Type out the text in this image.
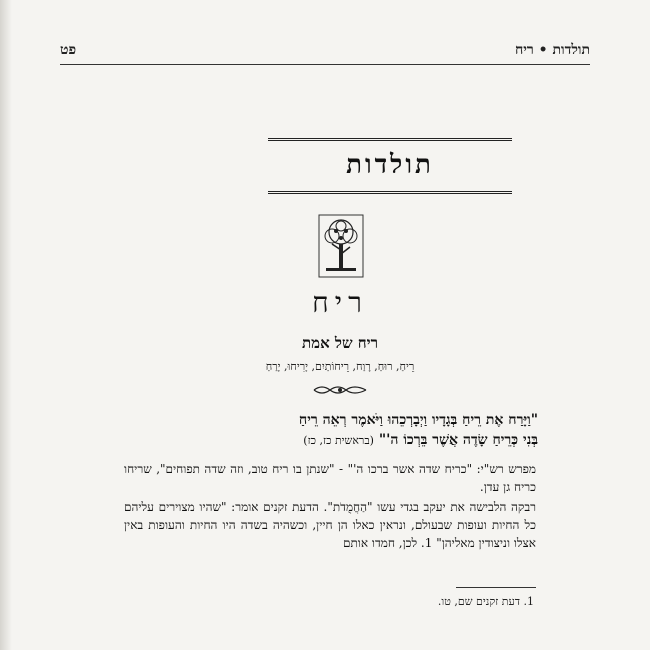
תולדות • ריח
פט
תולדות
ריח
ריח של אמת
רֵיחַ, רוּחַ, רָוַח, רֵיחוֹתַיִם, יָרִיחוּ, יָרַחַ
"וַיָּרַח אֶת רֵיחַ בְּגָדָיו וַיְבָרְכֵהוּ וַיֹּאמֶר רְאֵה רֵיחַ
בְּנִי כְּרֵיחַ שָׂדֶה אֲשֶׁר בֵּרְכוֹ ה'" (בראשית כז, כז)

מפרש רש"י: "כריח שדה אשר ברכו ה'" - "שנתן בו ריח טוב, וזה שדה תפוחים", שריחו כריח גן עדן.

רבקה הלבישה את יעקב בגדי עשו "הַחֲמֻדֹת". הדעת זקנים אומר: "שהיו מצוירים עליהם כל החיות ועופות שבעולם, ונראין כאלו הן חיין, וכשהיה בשדה היו החיות והעופות באין אצלו וניצודין מאליהן" 1. לכן, חמדו אותם

1. דעת זקנים שם, טו.
